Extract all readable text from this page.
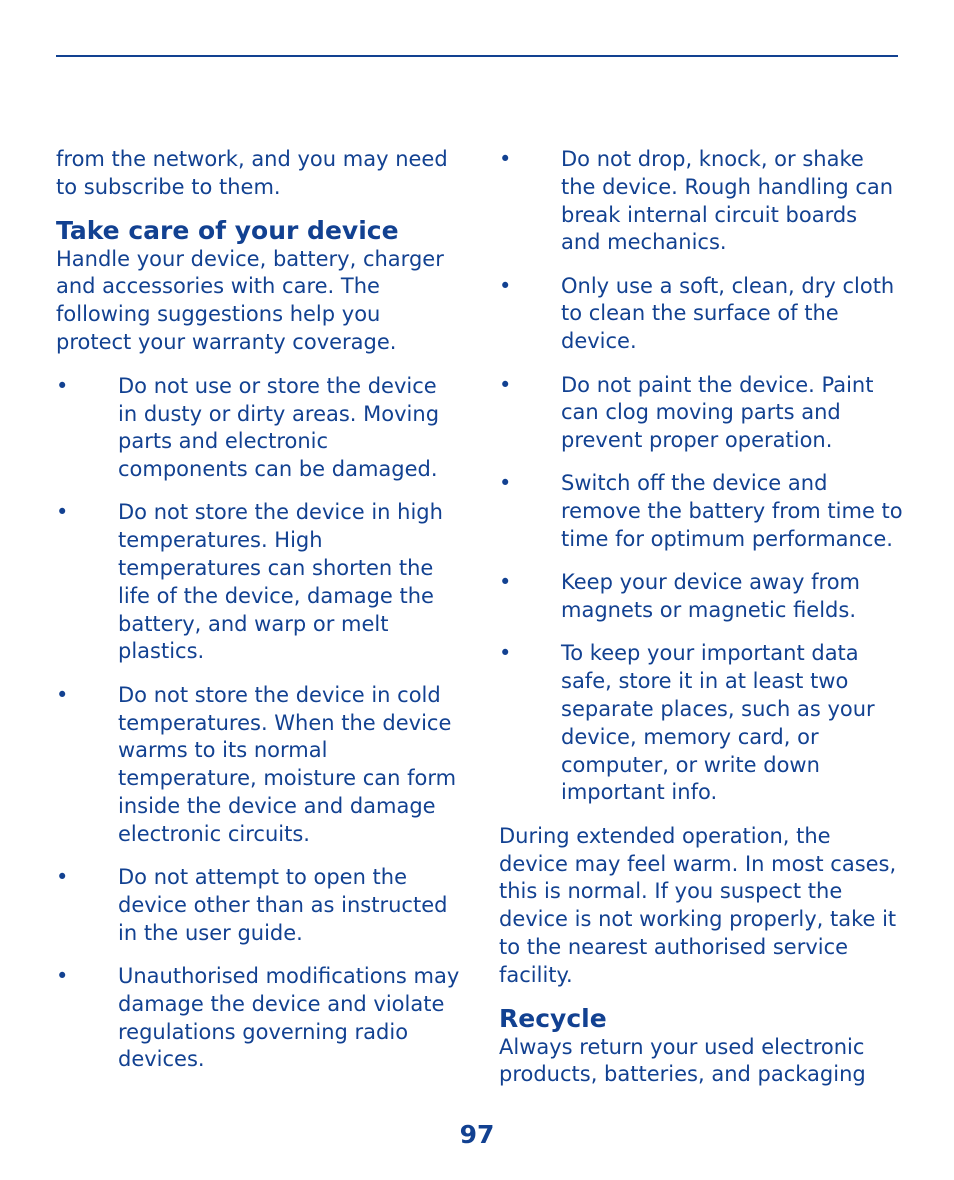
from the network, and you may need to subscribe to them.

Take care of your device

Handle your device, battery, charger and accessories with care. The following suggestions help you protect your warranty coverage.

• Do not use or store the device in dusty or dirty areas. Moving parts and electronic components can be damaged.
• Do not store the device in high temperatures. High temperatures can shorten the life of the device, damage the battery, and warp or melt plastics.
• Do not store the device in cold temperatures. When the device warms to its normal temperature, moisture can form inside the device and damage electronic circuits.
• Do not attempt to open the device other than as instructed in the user guide.
• Unauthorised modifications may damage the device and violate regulations governing radio devices.
• Do not drop, knock, or shake the device. Rough handling can break internal circuit boards and mechanics.
• Only use a soft, clean, dry cloth to clean the surface of the device.
• Do not paint the device. Paint can clog moving parts and prevent proper operation.
• Switch off the device and remove the battery from time to time for optimum performance.
• Keep your device away from magnets or magnetic fields.
• To keep your important data safe, store it in at least two separate places, such as your device, memory card, or computer, or write down important info.

During extended operation, the device may feel warm. In most cases, this is normal. If you suspect the device is not working properly, take it to the nearest authorised service facility.

Recycle

Always return your used electronic products, batteries, and packaging

97
